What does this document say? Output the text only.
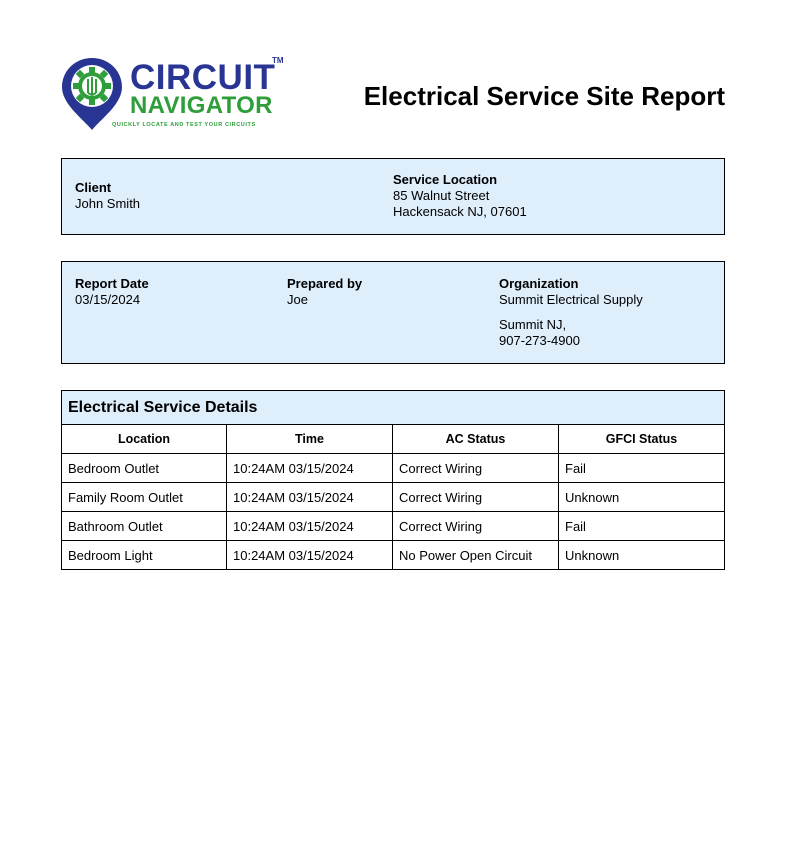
CIRCUIT
TM
NAVIGATOR
QUICKLY LOCATE AND TEST YOUR CIRCUITS
Electrical Service Site Report
Client
John Smith
Service Location
85 Walnut Street
Hackensack NJ, 07601
Report Date
03/15/2024
Prepared by
Joe
Organization
Summit Electrical Supply
Summit NJ,
907-273-4900
Electrical Service Details			
Location	Time	AC Status	GFCI Status
Bedroom Outlet	10:24AM 03/15/2024	Correct Wiring	Fail
Family Room Outlet	10:24AM 03/15/2024	Correct Wiring	Unknown
Bathroom Outlet	10:24AM 03/15/2024	Correct Wiring	Fail
Bedroom Light	10:24AM 03/15/2024	No Power Open Circuit	Unknown
